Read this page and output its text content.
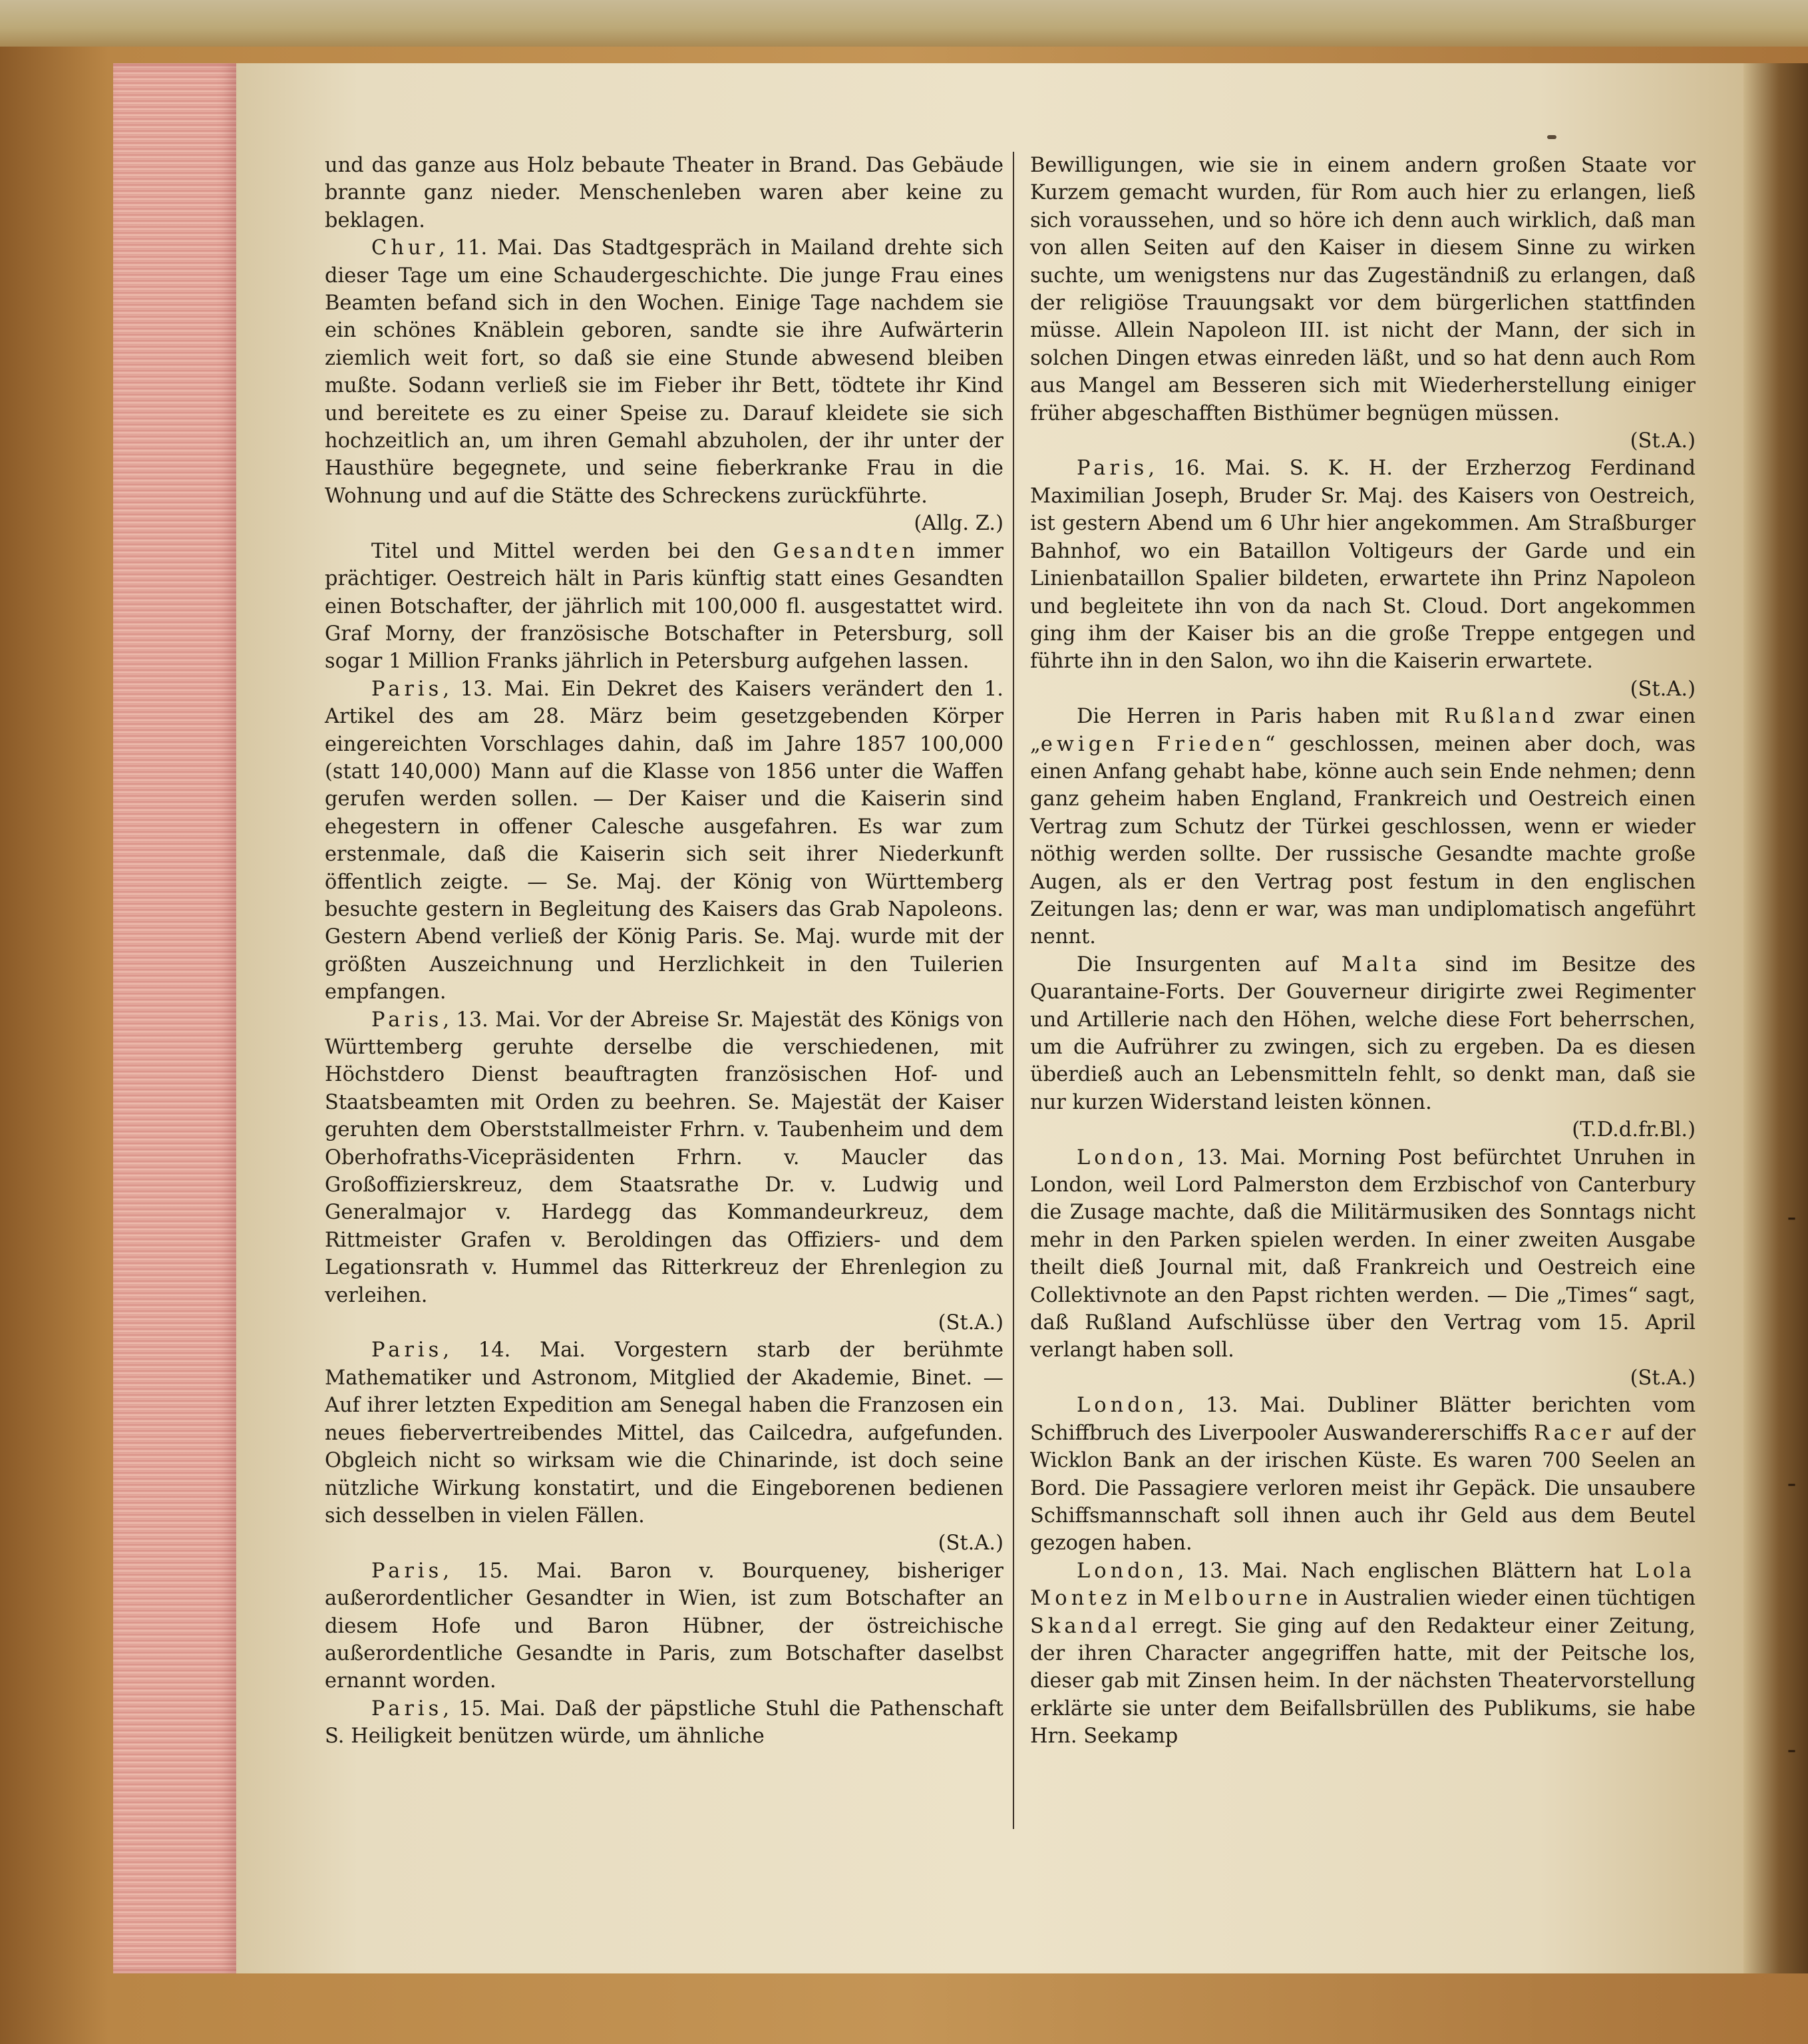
–
–
–

und das ganze aus Holz bebaute Theater in Brand. Das Gebäude brannte ganz nieder. Menschenleben waren aber keine zu beklagen.

Chur, 11. Mai. Das Stadtgespräch in Mailand drehte sich dieser Tage um eine Schaudergeschichte. Die junge Frau eines Beamten befand sich in den Wochen. Einige Tage nachdem sie ein schönes Knäblein geboren, sandte sie ihre Aufwärterin ziemlich weit fort, so daß sie eine Stunde abwesend bleiben mußte. Sodann verließ sie im Fieber ihr Bett, tödtete ihr Kind und bereitete es zu einer Speise zu. Darauf kleidete sie sich hochzeitlich an, um ihren Gemahl abzuholen, der ihr unter der Hausthüre begegnete, und seine fieberkranke Frau in die Wohnung und auf die Stätte des Schreckens zurückführte.

(Allg. Z.)

Titel und Mittel werden bei den Gesandten immer prächtiger. Oestreich hält in Paris künftig statt eines Gesandten einen Botschafter, der jährlich mit 100,000 fl. ausgestattet wird. Graf Morny, der französische Botschafter in Petersburg, soll sogar 1 Million Franks jährlich in Petersburg aufgehen lassen.

Paris, 13. Mai. Ein Dekret des Kaisers verändert den 1. Artikel des am 28. März beim gesetzgebenden Körper eingereichten Vorschlages dahin, daß im Jahre 1857 100,000 (statt 140,000) Mann auf die Klasse von 1856 unter die Waffen gerufen werden sollen. — Der Kaiser und die Kaiserin sind ehegestern in offener Calesche ausgefahren. Es war zum erstenmale, daß die Kaiserin sich seit ihrer Niederkunft öffentlich zeigte. — Se. Maj. der König von Württemberg besuchte gestern in Begleitung des Kaisers das Grab Napoleons. Gestern Abend verließ der König Paris. Se. Maj. wurde mit der größten Auszeichnung und Herzlichkeit in den Tuilerien empfangen.

Paris, 13. Mai. Vor der Abreise Sr. Majestät des Königs von Württemberg geruhte derselbe die verschiedenen, mit Höchstdero Dienst beauftragten französischen Hof- und Staatsbeamten mit Orden zu beehren. Se. Majestät der Kaiser geruhten dem Oberststallmeister Frhrn. v. Taubenheim und dem Oberhofraths-Vicepräsidenten Frhrn. v. Maucler das Großoffizierskreuz, dem Staatsrathe Dr. v. Ludwig und Generalmajor v. Hardegg das Kommandeurkreuz, dem Rittmeister Grafen v. Beroldingen das Offiziers- und dem Legationsrath v. Hummel das Ritterkreuz der Ehrenlegion zu verleihen.

(St.A.)

Paris, 14. Mai. Vorgestern starb der berühmte Mathematiker und Astronom, Mitglied der Akademie, Binet. — Auf ihrer letzten Expedition am Senegal haben die Franzosen ein neues fiebervertreibendes Mittel, das Cailcedra, aufgefunden. Obgleich nicht so wirksam wie die Chinarinde, ist doch seine nützliche Wirkung konstatirt, und die Eingeborenen bedienen sich desselben in vielen Fällen.

(St.A.)

Paris, 15. Mai. Baron v. Bourqueney, bisheriger außerordentlicher Gesandter in Wien, ist zum Botschafter an diesem Hofe und Baron Hübner, der östreichische außerordentliche Gesandte in Paris, zum Botschafter daselbst ernannt worden.

Paris, 15. Mai. Daß der päpstliche Stuhl die Pathenschaft S. Heiligkeit benützen würde, um ähnliche

Bewilligungen, wie sie in einem andern großen Staate vor Kurzem gemacht wurden, für Rom auch hier zu erlangen, ließ sich voraussehen, und so höre ich denn auch wirklich, daß man von allen Seiten auf den Kaiser in diesem Sinne zu wirken suchte, um wenigstens nur das Zugeständniß zu erlangen, daß der religiöse Trauungsakt vor dem bürgerlichen stattfinden müsse. Allein Napoleon III. ist nicht der Mann, der sich in solchen Dingen etwas einreden läßt, und so hat denn auch Rom aus Mangel am Besseren sich mit Wiederherstellung einiger früher abgeschafften Bisthümer begnügen müssen.

(St.A.)

Paris, 16. Mai. S. K. H. der Erzherzog Ferdinand Maximilian Joseph, Bruder Sr. Maj. des Kaisers von Oestreich, ist gestern Abend um 6 Uhr hier angekommen. Am Straßburger Bahnhof, wo ein Bataillon Voltigeurs der Garde und ein Linienbataillon Spalier bildeten, erwartete ihn Prinz Napoleon und begleitete ihn von da nach St. Cloud. Dort angekommen ging ihm der Kaiser bis an die große Treppe entgegen und führte ihn in den Salon, wo ihn die Kaiserin erwartete.

(St.A.)

Die Herren in Paris haben mit Rußland zwar einen „ewigen Frieden“ geschlossen, meinen aber doch, was einen Anfang gehabt habe, könne auch sein Ende nehmen; denn ganz geheim haben England, Frankreich und Oestreich einen Vertrag zum Schutz der Türkei geschlossen, wenn er wieder nöthig werden sollte. Der russische Gesandte machte große Augen, als er den Vertrag post festum in den englischen Zeitungen las; denn er war, was man undiplomatisch angeführt nennt.

Die Insurgenten auf Malta sind im Besitze des Quarantaine-Forts. Der Gouverneur dirigirte zwei Regimenter und Artillerie nach den Höhen, welche diese Fort beherrschen, um die Aufrührer zu zwingen, sich zu ergeben. Da es diesen überdieß auch an Lebensmitteln fehlt, so denkt man, daß sie nur kurzen Widerstand leisten können.

(T.D.d.fr.Bl.)

London, 13. Mai. Morning Post befürchtet Unruhen in London, weil Lord Palmerston dem Erzbischof von Canterbury die Zusage machte, daß die Militärmusiken des Sonntags nicht mehr in den Parken spielen werden. In einer zweiten Ausgabe theilt dieß Journal mit, daß Frankreich und Oestreich eine Collektivnote an den Papst richten werden. — Die „Times“ sagt, daß Rußland Aufschlüsse über den Vertrag vom 15. April verlangt haben soll.

(St.A.)

London, 13. Mai. Dubliner Blätter berichten vom Schiffbruch des Liverpooler Auswandererschiffs Racer auf der Wicklon Bank an der irischen Küste. Es waren 700 Seelen an Bord. Die Passagiere verloren meist ihr Gepäck. Die unsaubere Schiffsmannschaft soll ihnen auch ihr Geld aus dem Beutel gezogen haben.

London, 13. Mai. Nach englischen Blättern hat Lola Montez in Melbourne in Australien wieder einen tüchtigen Skandal erregt. Sie ging auf den Redakteur einer Zeitung, der ihren Character angegriffen hatte, mit der Peitsche los, dieser gab mit Zinsen heim. In der nächsten Theatervorstellung erklärte sie unter dem Beifallsbrüllen des Publikums, sie habe Hrn. Seekamp
